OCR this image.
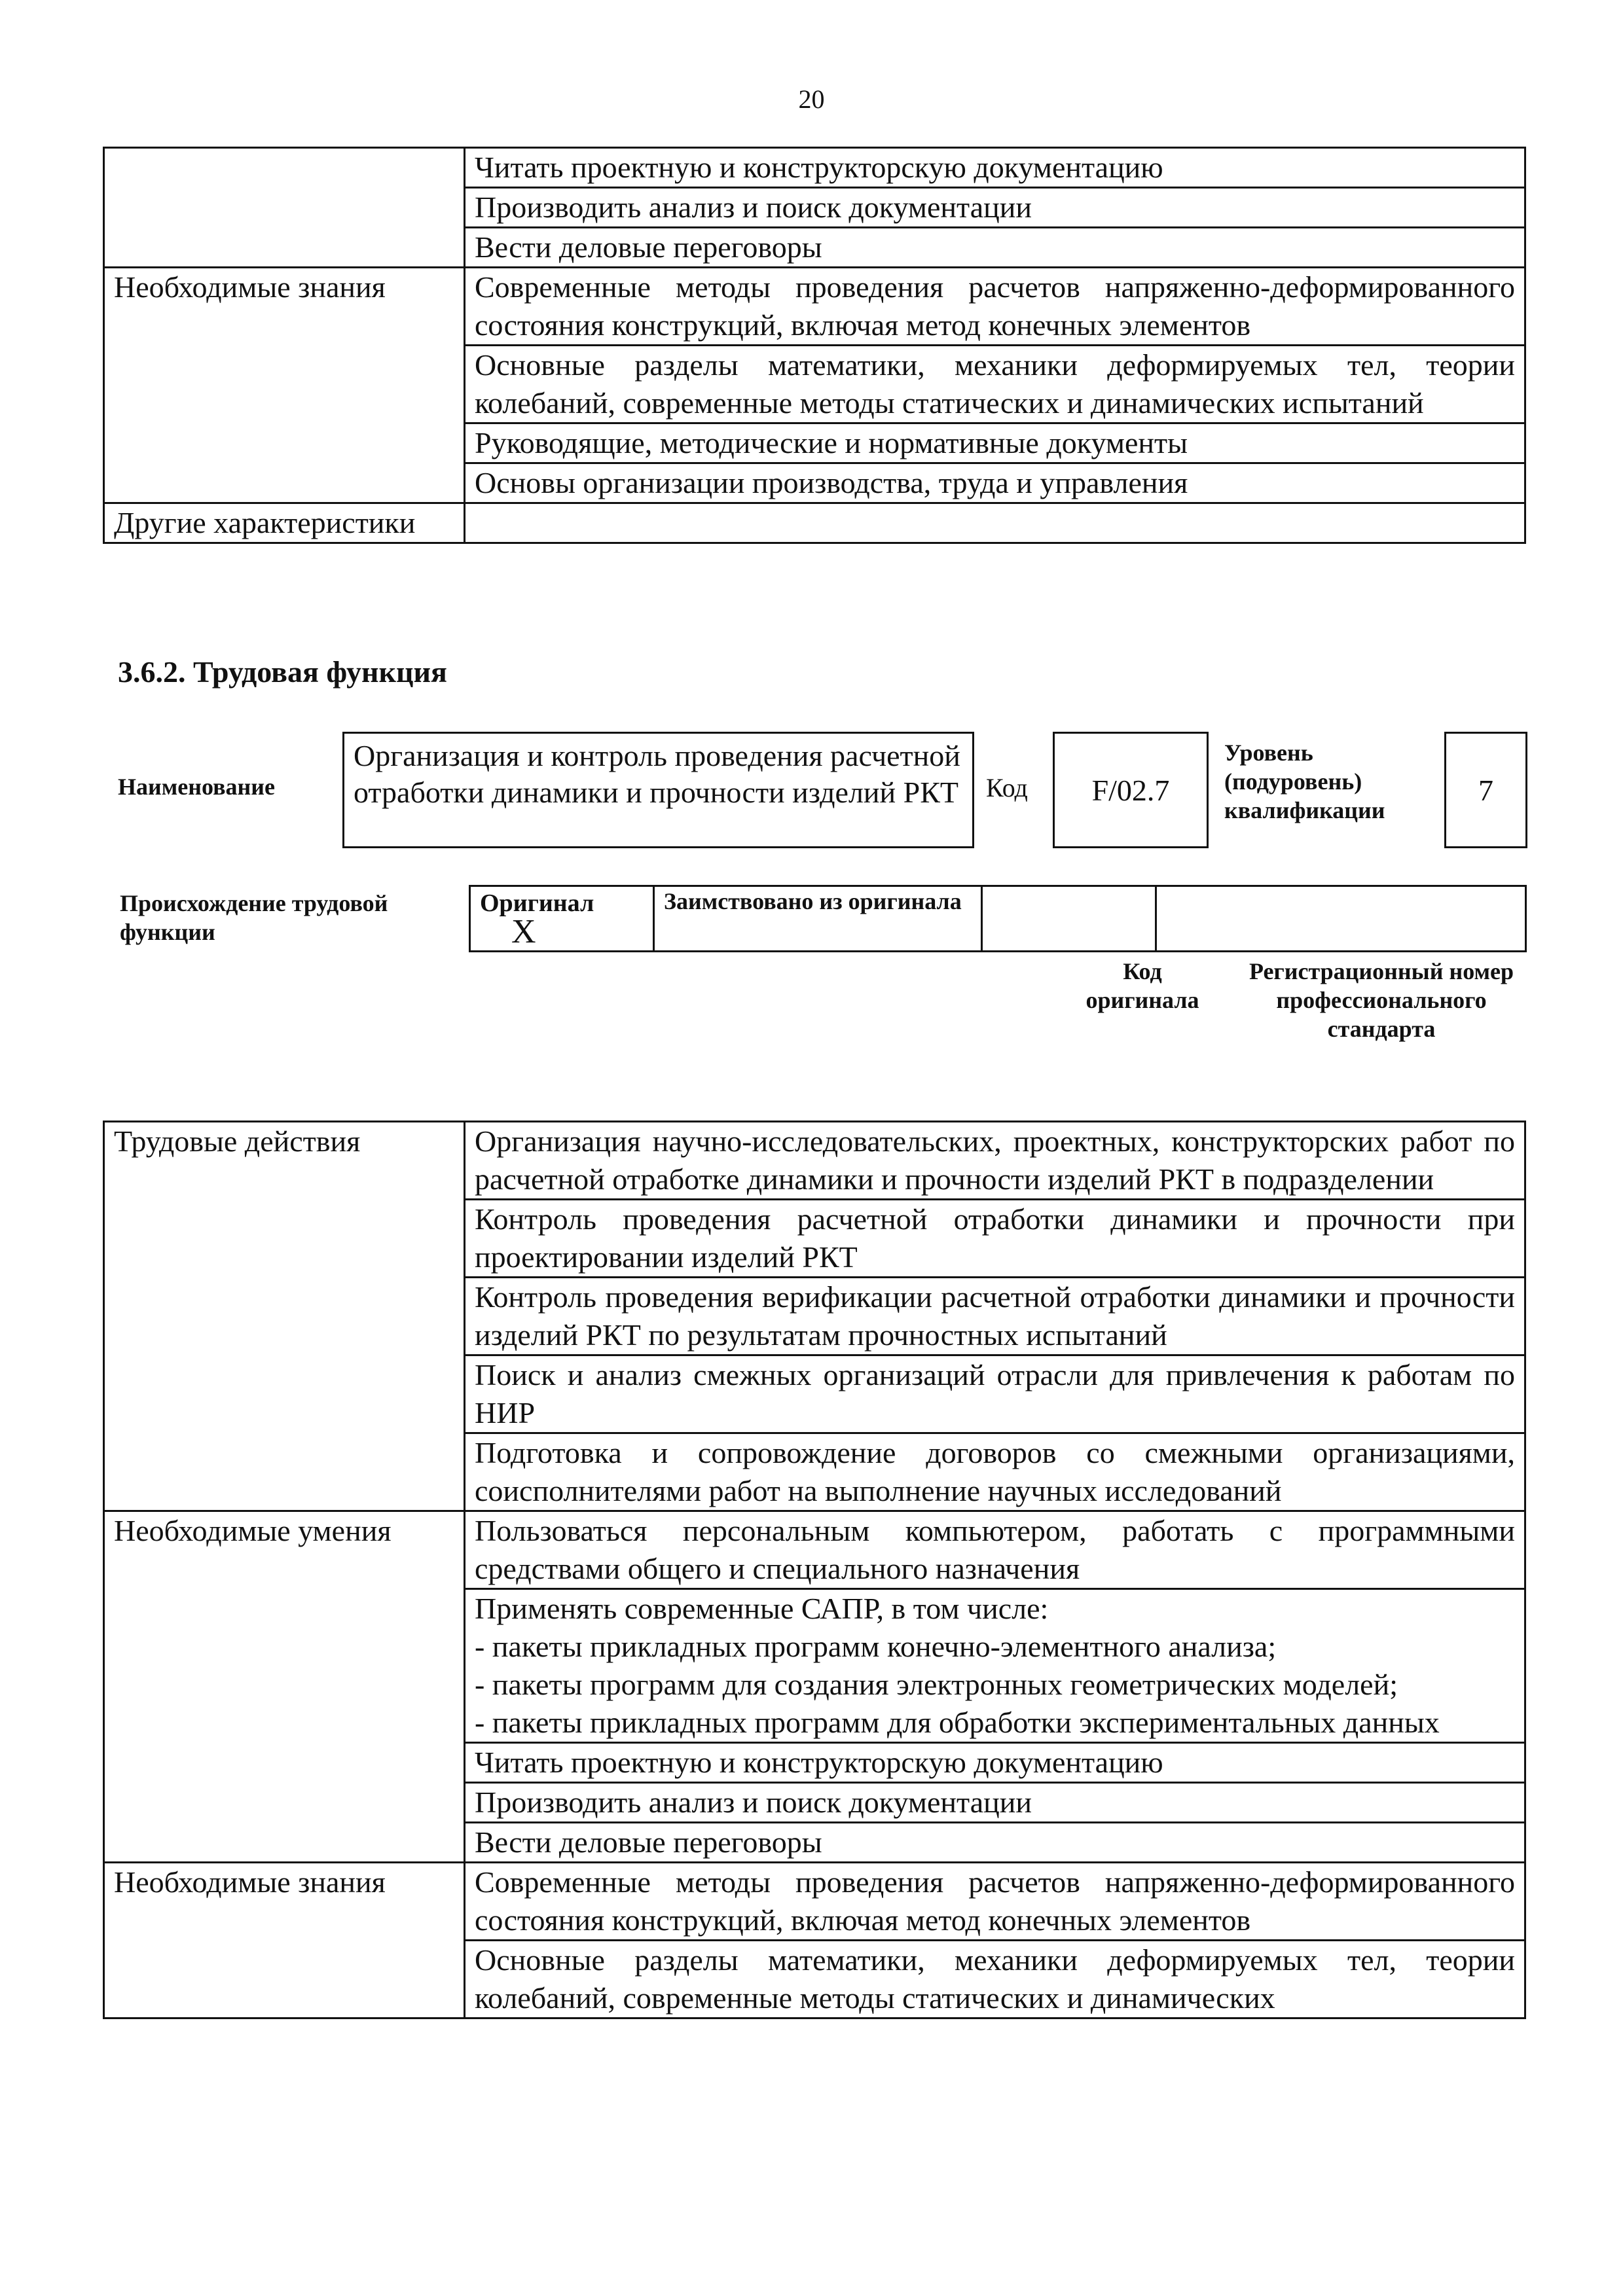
20
	Читать проектную и конструкторскую документацию
	Производить анализ и поиск документации
	Вести деловые переговоры
Необходимые знания	Современные методы проведения расчетов напряженно-деформированного состояния конструкций, включая метод конечных элементов
	Основные разделы математики, механики деформируемых тел, теории колебаний, современные методы статических и динамических испытаний
	Руководящие, методические и нормативные документы
	Основы организации производства, труда и управления
Другие характеристики	
3.6.2. Трудовая функция
Наименование
Организация и контроль проведения расчетной отработки динамики и прочности изделий РКТ	Код	F/02.7
Уровень (подуровень) квалификации
7
Происхождение трудовой функции
Оригинал X	Заимствовано из оригинала		
Код оригинала
Регистрационный номер профессионального стандарта
Трудовые действия	Организация научно-исследовательских, проектных, конструкторских работ по расчетной отработке динамики и прочности изделий РКТ в подразделении
	Контроль проведения расчетной отработки динамики и прочности при проектировании изделий РКТ
	Контроль проведения верификации расчетной отработки динамики и прочности изделий РКТ по результатам прочностных испытаний
	Поиск и анализ смежных организаций отрасли для привлечения к работам по НИР
	Подготовка и сопровождение договоров со смежными организациями, соисполнителями работ на выполнение научных исследований
Необходимые умения	Пользоваться персональным компьютером, работать с программными средствами общего и специального назначения

	Применять современные САПР, в том числе:
- пакеты прикладных программ конечно-элементного анализа;
- пакеты программ для создания электронных геометрических моделей;
- пакеты прикладных программ для обработки экспериментальных данных

	Читать проектную и конструкторскую документацию
	Производить анализ и поиск документации
	Вести деловые переговоры
Необходимые знания	Современные методы проведения расчетов напряженно-деформированного состояния конструкций, включая метод конечных элементов
	Основные разделы математики, механики деформируемых тел, теории колебаний, современные методы статических и динамических
